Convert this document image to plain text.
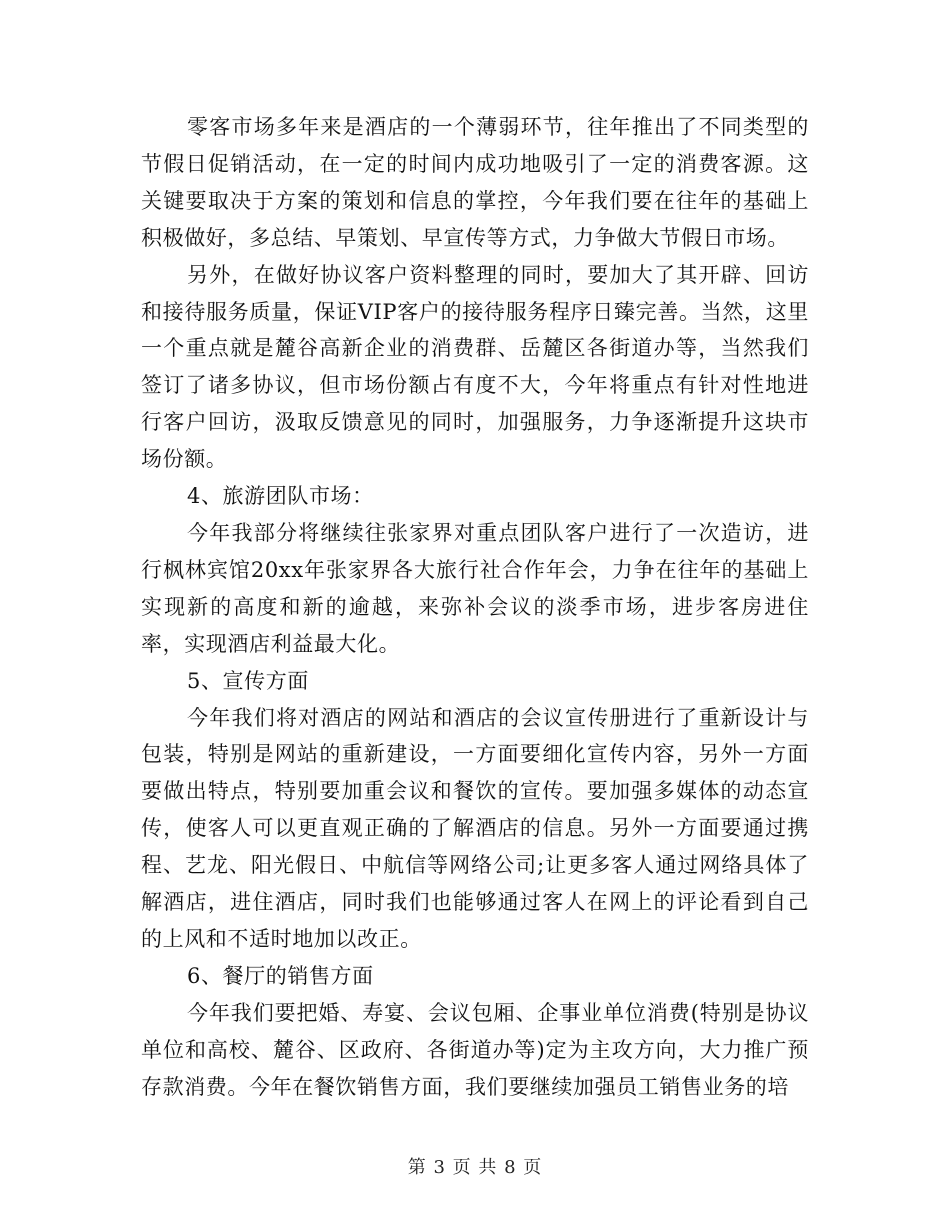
零客市场多年来是酒店的一个薄弱环节，往年推出了不同类型的节假日促销活动，在一定的时间内成功地吸引了一定的消费客源。这关键要取决于方案的策划和信息的掌控，今年我们要在往年的基础上积极做好，多总结、早策划、早宣传等方式，力争做大节假日市场。

另外，在做好协议客户资料整理的同时，要加大了其开辟、回访和接待服务质量，保证VIP客户的接待服务程序日臻完善。当然，这里一个重点就是麓谷高新企业的消费群、岳麓区各街道办等，当然我们签订了诸多协议，但市场份额占有度不大，今年将重点有针对性地进行客户回访，汲取反馈意见的同时，加强服务，力争逐渐提升这块市场份额。

4、旅游团队市场：

今年我部分将继续往张家界对重点团队客户进行了一次造访，进行枫林宾馆20xx年张家界各大旅行社合作年会，力争在往年的基础上实现新的高度和新的逾越，来弥补会议的淡季市场，进步客房进住率，实现酒店利益最大化。

5、宣传方面

今年我们将对酒店的网站和酒店的会议宣传册进行了重新设计与包装，特别是网站的重新建设，一方面要细化宣传内容，另外一方面要做出特点，特别要加重会议和餐饮的宣传。要加强多媒体的动态宣传，使客人可以更直观正确的了解酒店的信息。另外一方面要通过携程、艺龙、阳光假日、中航信等网络公司;让更多客人通过网络具体了解酒店，进住酒店，同时我们也能够通过客人在网上的评论看到自己的上风和不适时地加以改正。

6、餐厅的销售方面

今年我们要把婚、寿宴、会议包厢、企事业单位消费(特别是协议单位和高校、麓谷、区政府、各街道办等)定为主攻方向，大力推广预存款消费。今年在餐饮销售方面，我们要继续加强员工销售业务的培

第 3 页 共 8 页
